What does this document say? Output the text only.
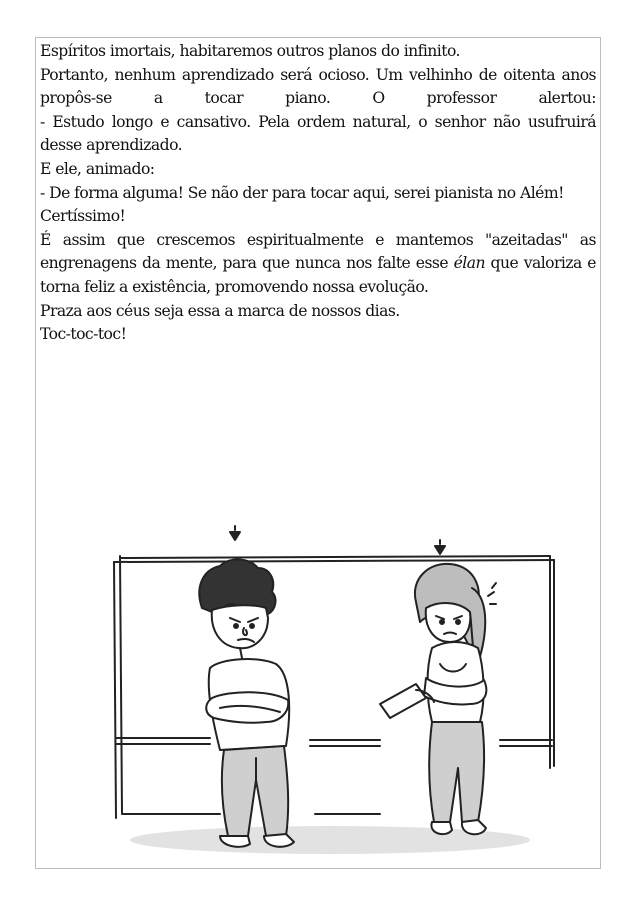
Espíritos imortais, habitaremos outros planos do infinito.

Portanto, nenhum aprendizado será ocioso. Um velhinho de oitenta anos propôs-se a tocar piano. O professor alertou:

- Estudo longo e cansativo. Pela ordem natural, o senhor não usufruirá desse aprendizado.

E ele, animado:

- De forma alguma! Se não der para tocar aqui, serei pianista no Além!

Certíssimo!

É assim que crescemos espiritualmente e mantemos "azeitadas" as engrenagens da mente, para que nunca nos falte esse élan que valoriza e torna feliz a existência, promovendo nossa evolução.

Praza aos céus seja essa a marca de nossos dias.

Toc-toc-toc!
